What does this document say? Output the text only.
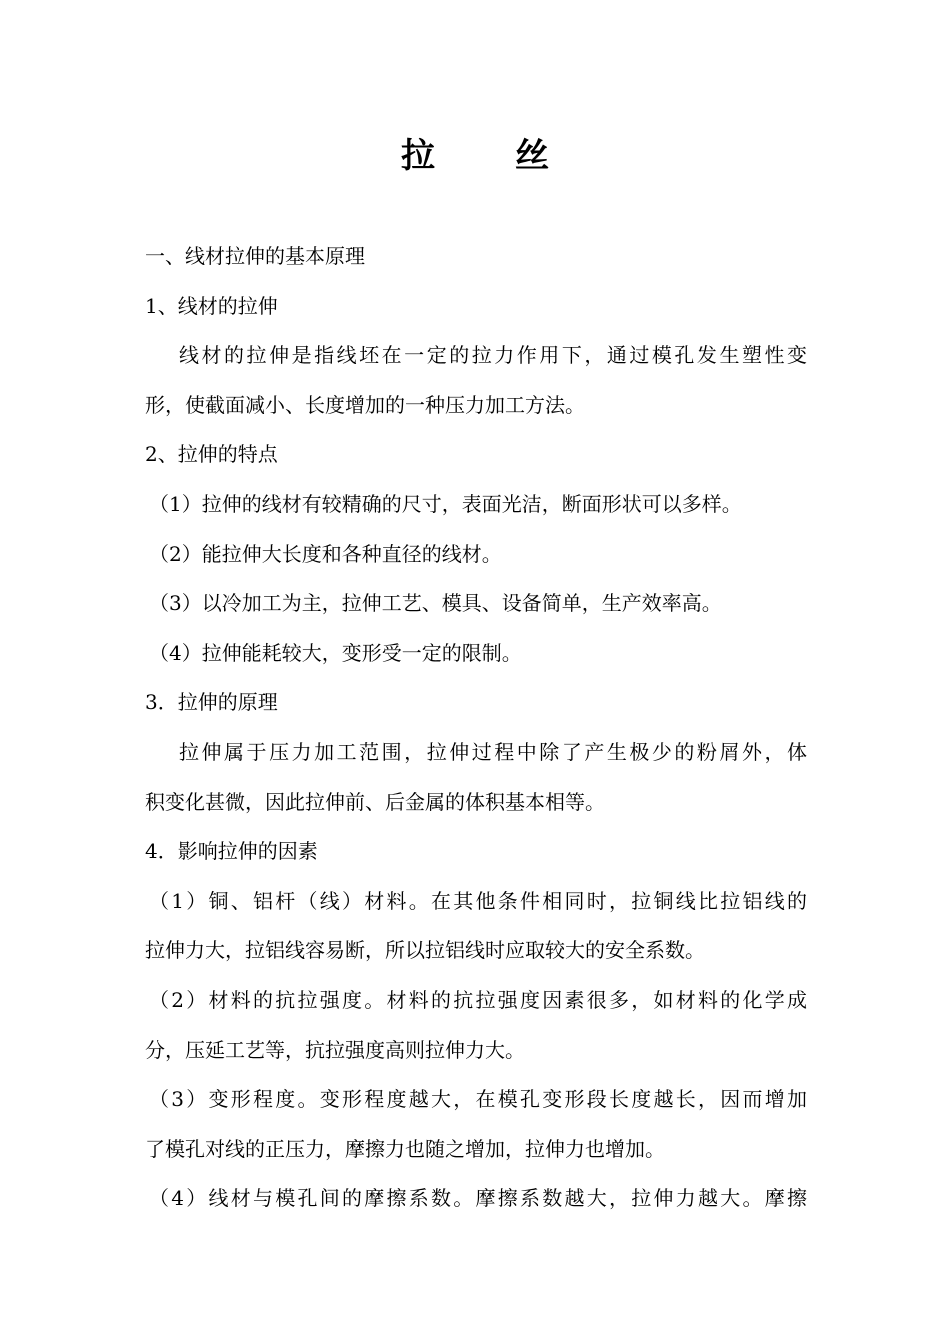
拉 丝
一、线材拉伸的基本原理
1、线材的拉伸
线材的拉伸是指线坯在一定的拉力作用下，通过模孔发生塑性变
形，使截面减小、长度增加的一种压力加工方法。
2、拉伸的特点
（1）拉伸的线材有较精确的尺寸，表面光洁，断面形状可以多样。
（2）能拉伸大长度和各种直径的线材。
（3）以冷加工为主，拉伸工艺、模具、设备简单，生产效率高。
（4）拉伸能耗较大，变形受一定的限制。
3．拉伸的原理
拉伸属于压力加工范围，拉伸过程中除了产生极少的粉屑外，体
积变化甚微，因此拉伸前、后金属的体积基本相等。
4．影响拉伸的因素
（1）铜、铝杆（线）材料。在其他条件相同时，拉铜线比拉铝线的
拉伸力大，拉铝线容易断，所以拉铝线时应取较大的安全系数。
（2）材料的抗拉强度。材料的抗拉强度因素很多，如材料的化学成
分，压延工艺等，抗拉强度高则拉伸力大。
（3）变形程度。变形程度越大，在模孔变形段长度越长，因而增加
了模孔对线的正压力，摩擦力也随之增加，拉伸力也增加。
（4）线材与模孔间的摩擦系数。摩擦系数越大，拉伸力越大。摩擦
